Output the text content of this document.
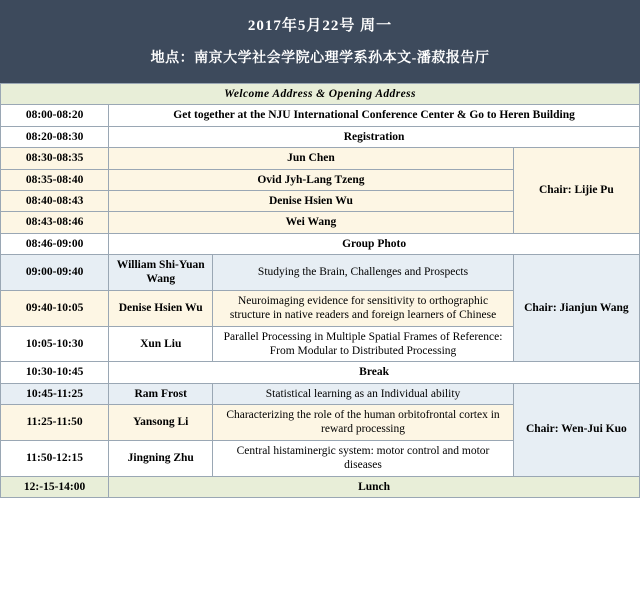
2017年5月22号 周一
地点：南京大学社会学院心理学系孙本文-潘菽报告厅
Welcome Address & Opening Address			
08:00-08:20	Get together at the NJU International Conference Center & Go to Heren Building		
08:20-08:30	Registration		
08:30-08:35	Jun Chen		Chair: Lijie Pu
08:35-08:40	Ovid Jyh-Lang Tzeng		
08:40-08:43	Denise Hsien Wu		
08:43-08:46	Wei Wang		
08:46-09:00	Group Photo		
09:00-09:40	William Shi-Yuan Wang	Studying the Brain, Challenges and Prospects	Chair: Jianjun Wang
09:40-10:05	Denise Hsien Wu	Neuroimaging evidence for sensitivity to orthographic structure in native readers and foreign learners of Chinese	
10:05-10:30	Xun Liu	Parallel Processing in Multiple Spatial Frames of Reference: From Modular to Distributed Processing	
10:30-10:45	Break		
10:45-11:25	Ram Frost	Statistical learning as an Individual ability	Chair: Wen-Jui Kuo
11:25-11:50	Yansong Li	Characterizing the role of the human orbitofrontal cortex in reward processing	
11:50-12:15	Jingning Zhu	Central histaminergic system: motor control and motor diseases	
12:-15-14:00	Lunch		
